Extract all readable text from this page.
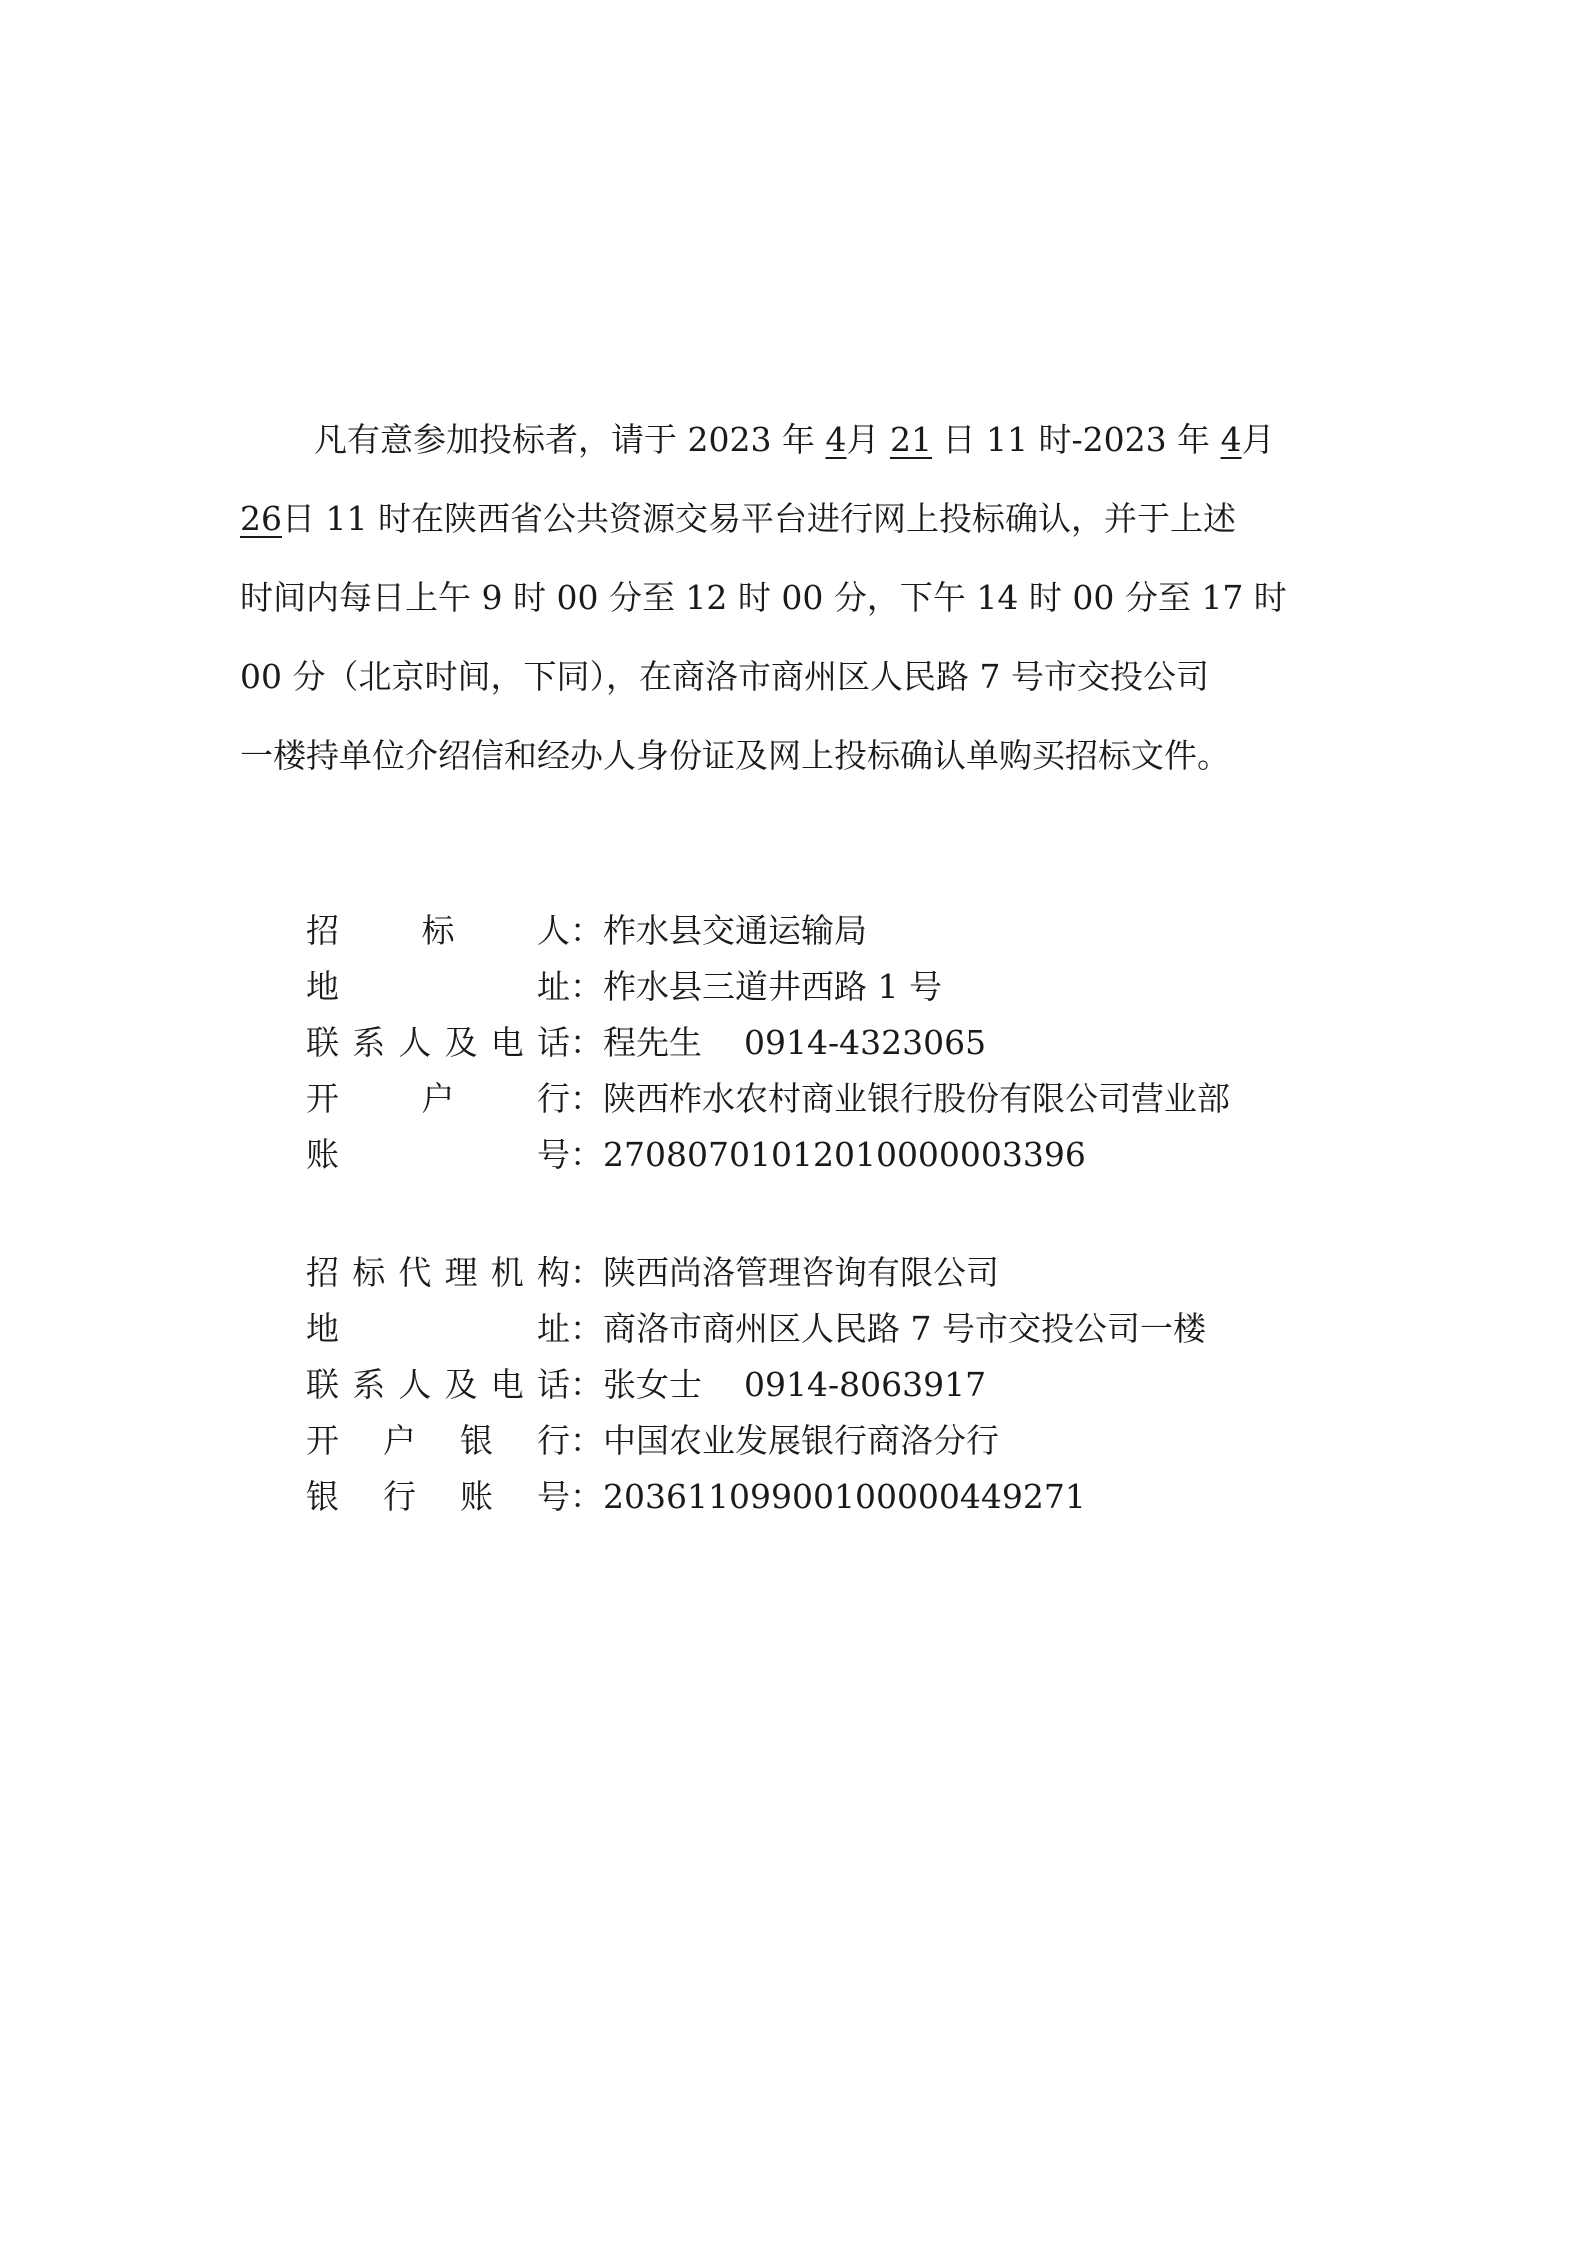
凡有意参加投标者，请于 2023 年 4月 21 日 11 时-2023 年 4月
26日 11 时在陕西省公共资源交易平台进行网上投标确认，并于上述
时间内每日上午 9 时 00 分至 12 时 00 分，下午 14 时 00 分至 17 时
00 分（北京时间，下同），在商洛市商州区人民路 7 号市交投公司
一楼持单位介绍信和经办人身份证及网上投标确认单购买招标文件。
招	标	人 ： 柞水县交通运输局
地	址 ： 柞水县三道井西路 1 号
联 系 人 及 电 话 ： 程先生 0914-4323065
开	户	行 ： 陕西柞水农村商业银行股份有限公司营业部
账	号 ： 27080701012010000003396
招 标 代 理 机 构 ： 陕西尚洛管理咨询有限公司
地	址 ： 商洛市商州区人民路 7 号市交投公司一楼
联 系 人 及 电 话 ： 张女士 0914-8063917
开 户 银 行 ： 中国农业发展银行商洛分行
银 行 账 号 ： 20361109900100000449271
